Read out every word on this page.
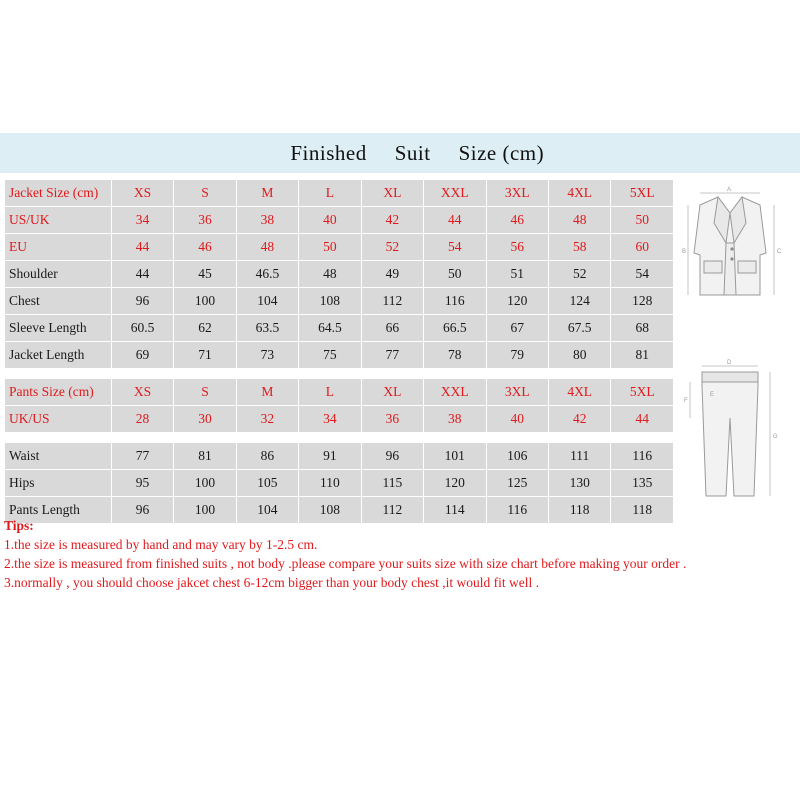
Finished Suit Size (cm)

Jacket Size (cm)	XS	S	M	L	XL	XXL	3XL	4XL	5XL
US/UK	34	36	38	40	42	44	46	48	50
EU	44	46	48	50	52	54	56	58	60
Shoulder	44	45	46.5	48	49	50	51	52	54
Chest	96	100	104	108	112	116	120	124	128
Sleeve Length	60.5	62	63.5	64.5	66	66.5	67	67.5	68
Jacket Length	69	71	73	75	77	78	79	80	81

Pants Size (cm)	XS	S	M	L	XL	XXL	3XL	4XL	5XL
UK/US	28	30	32	34	36	38	40	42	44

Waist	77	81	86	91	96	101	106	111	116
Hips	95	100	105	110	115	120	125	130	135
Pants Length	96	100	104	108	112	114	116	118	118
Tips:
1.the size is measured by hand and may vary by 1-2.5 cm.
2.the size is measured from finished suits , not body .please compare your suits size with size chart before making your order .
3.normally , you should choose jakcet chest 6-12cm bigger than your body chest ,it would fit well .
A
B	C

D
G
F
E
